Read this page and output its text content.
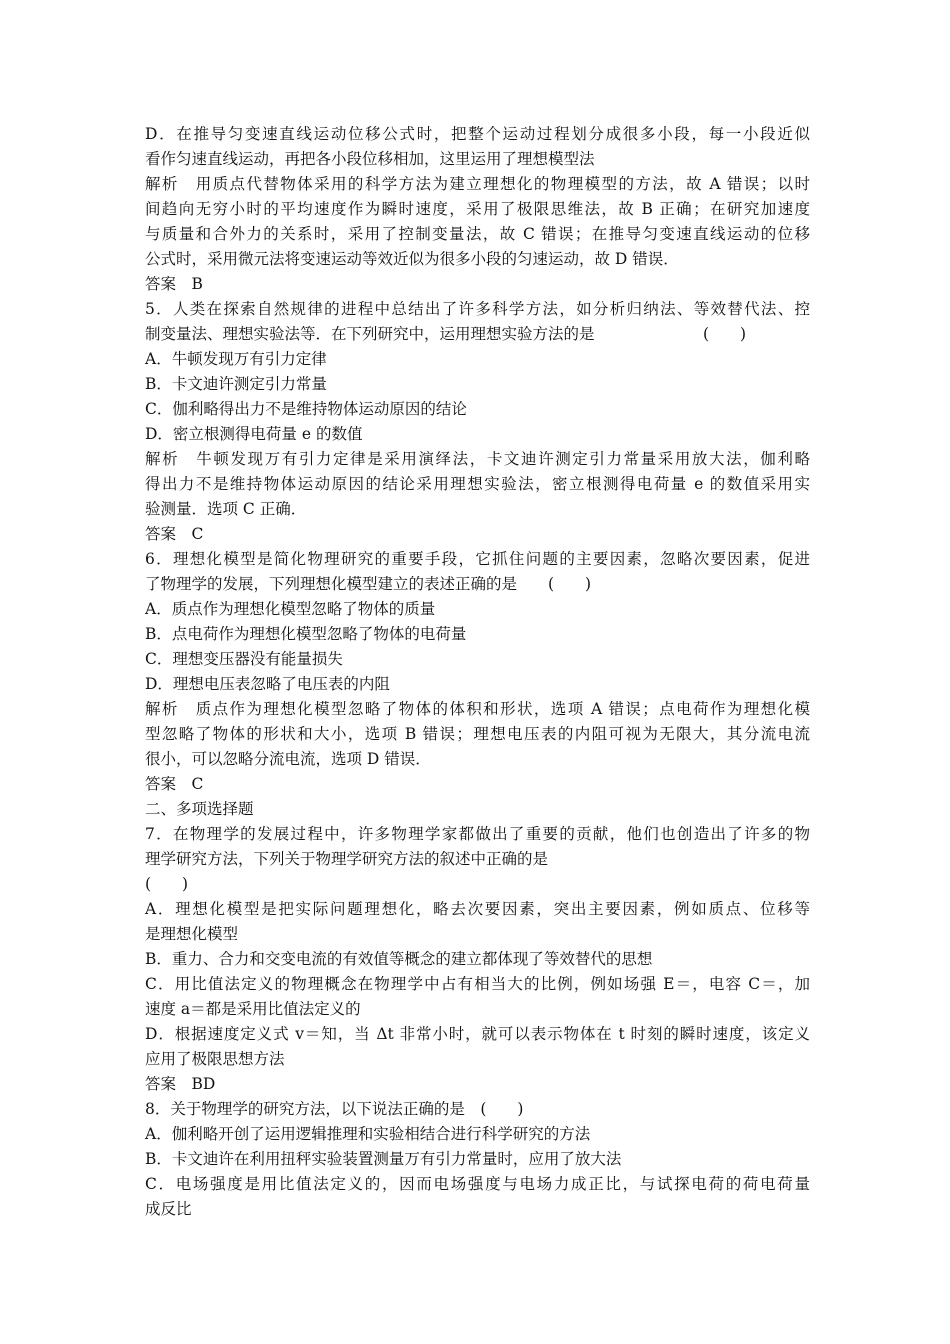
D．在推导匀变速直线运动位移公式时，把整个运动过程划分成很多小段，每一小段近似
看作匀速直线运动，再把各小段位移相加，这里运用了理想模型法
解析　用质点代替物体采用的科学方法为建立理想化的物理模型的方法，故 A 错误；以时
间趋向无穷小时的平均速度作为瞬时速度，采用了极限思维法，故 B 正确；在研究加速度
与质量和合外力的关系时，采用了控制变量法，故 C 错误；在推导匀变速直线运动的位移
公式时，采用微元法将变速运动等效近似为很多小段的匀速运动，故 D 错误．
答案　B
5．人类在探索自然规律的进程中总结出了许多科学方法，如分析归纳法、等效替代法、控
制变量法、理想实验法等．在下列研究中，运用理想实验方法的是　　　　　　　(　　)
A．牛顿发现万有引力定律
B．卡文迪许测定引力常量
C．伽利略得出力不是维持物体运动原因的结论
D．密立根测得电荷量 e 的数值
解析　牛顿发现万有引力定律是采用演绎法，卡文迪许测定引力常量采用放大法，伽利略
得出力不是维持物体运动原因的结论采用理想实验法，密立根测得电荷量 e 的数值采用实
验测量．选项 C 正确．
答案　C
6．理想化模型是简化物理研究的重要手段，它抓住问题的主要因素，忽略次要因素，促进
了物理学的发展，下列理想化模型建立的表述正确的是　　(　　)
A．质点作为理想化模型忽略了物体的质量
B．点电荷作为理想化模型忽略了物体的电荷量
C．理想变压器没有能量损失
D．理想电压表忽略了电压表的内阻
解析　质点作为理想化模型忽略了物体的体积和形状，选项 A 错误；点电荷作为理想化模
型忽略了物体的形状和大小，选项 B 错误；理想电压表的内阻可视为无限大，其分流电流
很小，可以忽略分流电流，选项 D 错误．
答案　C
二、多项选择题
7．在物理学的发展过程中，许多物理学家都做出了重要的贡献，他们也创造出了许多的物
理学研究方法，下列关于物理学研究方法的叙述中正确的是
(　　)
A．理想化模型是把实际问题理想化，略去次要因素，突出主要因素，例如质点、位移等
是理想化模型
B．重力、合力和交变电流的有效值等概念的建立都体现了等效替代的思想
C．用比值法定义的物理概念在物理学中占有相当大的比例，例如场强 E＝，电容 C＝，加
速度 a＝都是采用比值法定义的
D．根据速度定义式 v＝知，当 Δt 非常小时，就可以表示物体在 t 时刻的瞬时速度，该定义
应用了极限思想方法
答案　BD
8．关于物理学的研究方法，以下说法正确的是　(　　)
A．伽利略开创了运用逻辑推理和实验相结合进行科学研究的方法
B．卡文迪许在利用扭秤实验装置测量万有引力常量时，应用了放大法
C．电场强度是用比值法定义的，因而电场强度与电场力成正比，与试探电荷的荷电荷量
成反比
